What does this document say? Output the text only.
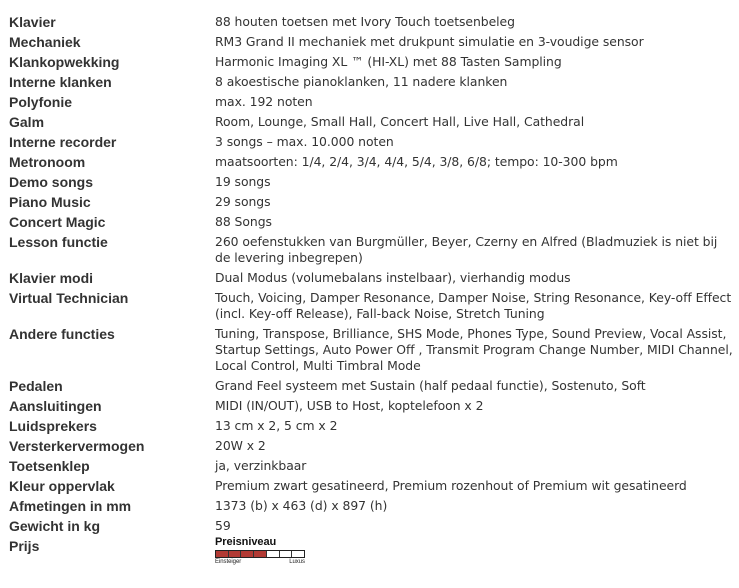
Klavier	88 houten toetsen met Ivory Touch toetsenbeleg
Mechaniek	RM3 Grand II mechaniek met drukpunt simulatie en 3-voudige sensor
Klankopwekking	Harmonic Imaging XL ™ (HI-XL) met 88 Tasten Sampling
Interne klanken	8 akoestische pianoklanken, 11 nadere klanken
Polyfonie	max. 192 noten
Galm	Room, Lounge, Small Hall, Concert Hall, Live Hall, Cathedral
Interne recorder	3 songs – max. 10.000 noten
Metronoom	maatsoorten: 1/4, 2/4, 3/4, 4/4, 5/4, 3/8, 6/8; tempo: 10-300 bpm
Demo songs	19 songs
Piano Music	29 songs
Concert Magic	88 Songs
Lesson functie	260 oefenstukken van Burgmüller, Beyer, Czerny en Alfred (Bladmuziek is niet bij de levering inbegrepen)
Klavier modi	Dual Modus (volumebalans instelbaar), vierhandig modus
Virtual Technician	Touch, Voicing, Damper Resonance, Damper Noise, String Resonance, Key-off Effect (incl. Key-off Release), Fall-back Noise, Stretch Tuning
Andere functies	Tuning, Transpose, Brilliance, SHS Mode, Phones Type, Sound Preview, Vocal Assist, Startup Settings, Auto Power Off , Transmit Program Change Number, MIDI Channel, Local Control, Multi Timbral Mode
Pedalen	Grand Feel systeem met Sustain (half pedaal functie), Sostenuto, Soft
Aansluitingen	MIDI (IN/OUT), USB to Host, koptelefoon x 2
Luidsprekers	13 cm x 2, 5 cm x 2
Versterkervermogen	20W x 2
Toetsenklep	ja, verzinkbaar
Kleur oppervlak	Premium zwart gesatineerd, Premium rozenhout of Premium wit gesatineerd
Afmetingen in mm	1373 (b) x 463 (d) x 897 (h)
Gewicht in kg	59
Prijs	Preisniveau
Einsteiger Luxus
